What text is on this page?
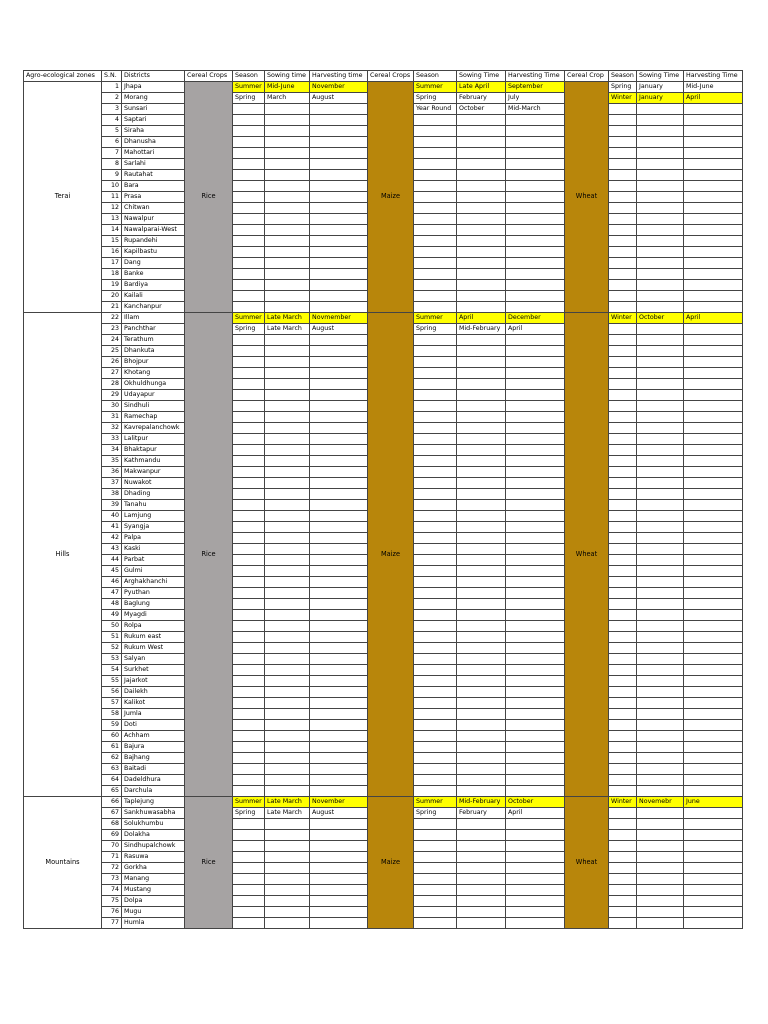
Agro-ecological zones	S.N.	Districts	Cereal Crops	Season	Sowing time	Harvesting time	Cereal Crops	Season	Sowing Time	Harvesting Time	Cereal Crop	Season	Sowing Time	Harvesting Time
Terai	1	Jhapa	Rice	Summer	Mid-June	November	Maize	Summer	Late April	September	Wheat	Spring	January	Mid-June
	2	Morang		Spring	March	August		Spring	February	July		Winter	January	April
	3	Sunsari						Year Round	October	Mid-March				
	4	Saptari												
	5	Siraha												
	6	Dhanusha												
	7	Mahottari												
	8	Sarlahi												
	9	Rautahat												
	10	Bara												
	11	Prasa												
	12	Chitwan												
	13	Nawalpur												
	14	Nawalparai-West												
	15	Rupandehi												
	16	Kapilbastu												
	17	Dang												
	18	Banke												
	19	Bardiya												
	20	Kailali												
	21	Kanchanpur												
Hills	22	Illam	Rice	Summer	Late March	Novmember	Maize	Summer	April	December	Wheat	Winter	October	April
	23	Panchthar		Spring	Late March	August		Spring	Mid-February	April				
	24	Terathum												
	25	Dhankuta												
	26	Bhojpur												
	27	Khotang												
	28	Okhuldhunga												
	29	Udayapur												
	30	Sindhuli												
	31	Ramechap												
	32	Kavrepalanchowk												
	33	Lalitpur												
	34	Bhaktapur												
	35	Kathmandu												
	36	Makwanpur												
	37	Nuwakot												
	38	Dhading												
	39	Tanahu												
	40	Lamjung												
	41	Syangja												
	42	Palpa												
	43	Kaski												
	44	Parbat												
	45	Gulmi												
	46	Arghakhanchi												
	47	Pyuthan												
	48	Baglung												
	49	Myagdi												
	50	Rolpa												
	51	Rukum east												
	52	Rukum West												
	53	Salyan												
	54	Surkhet												
	55	Jajarkot												
	56	Dailekh												
	57	Kalikot												
	58	Jumla												
	59	Doti												
	60	Achham												
	61	Bajura												
	62	Bajhang												
	63	Baitadi												
	64	Dadeldhura												
	65	Darchula												
Mountains	66	Taplejung	Rice	Summer	Late March	November	Maize	Summer	Mid-February	October	Wheat	Winter	Novemebr	June
	67	Sankhuwasabha		Spring	Late March	August		Spring	February	April				
	68	Solukhumbu												
	69	Dolakha												
	70	Sindhupalchowk												
	71	Rasuwa												
	72	Gorkha												
	73	Manang												
	74	Mustang												
	75	Dolpa												
	76	Mugu												
	77	Humla												
